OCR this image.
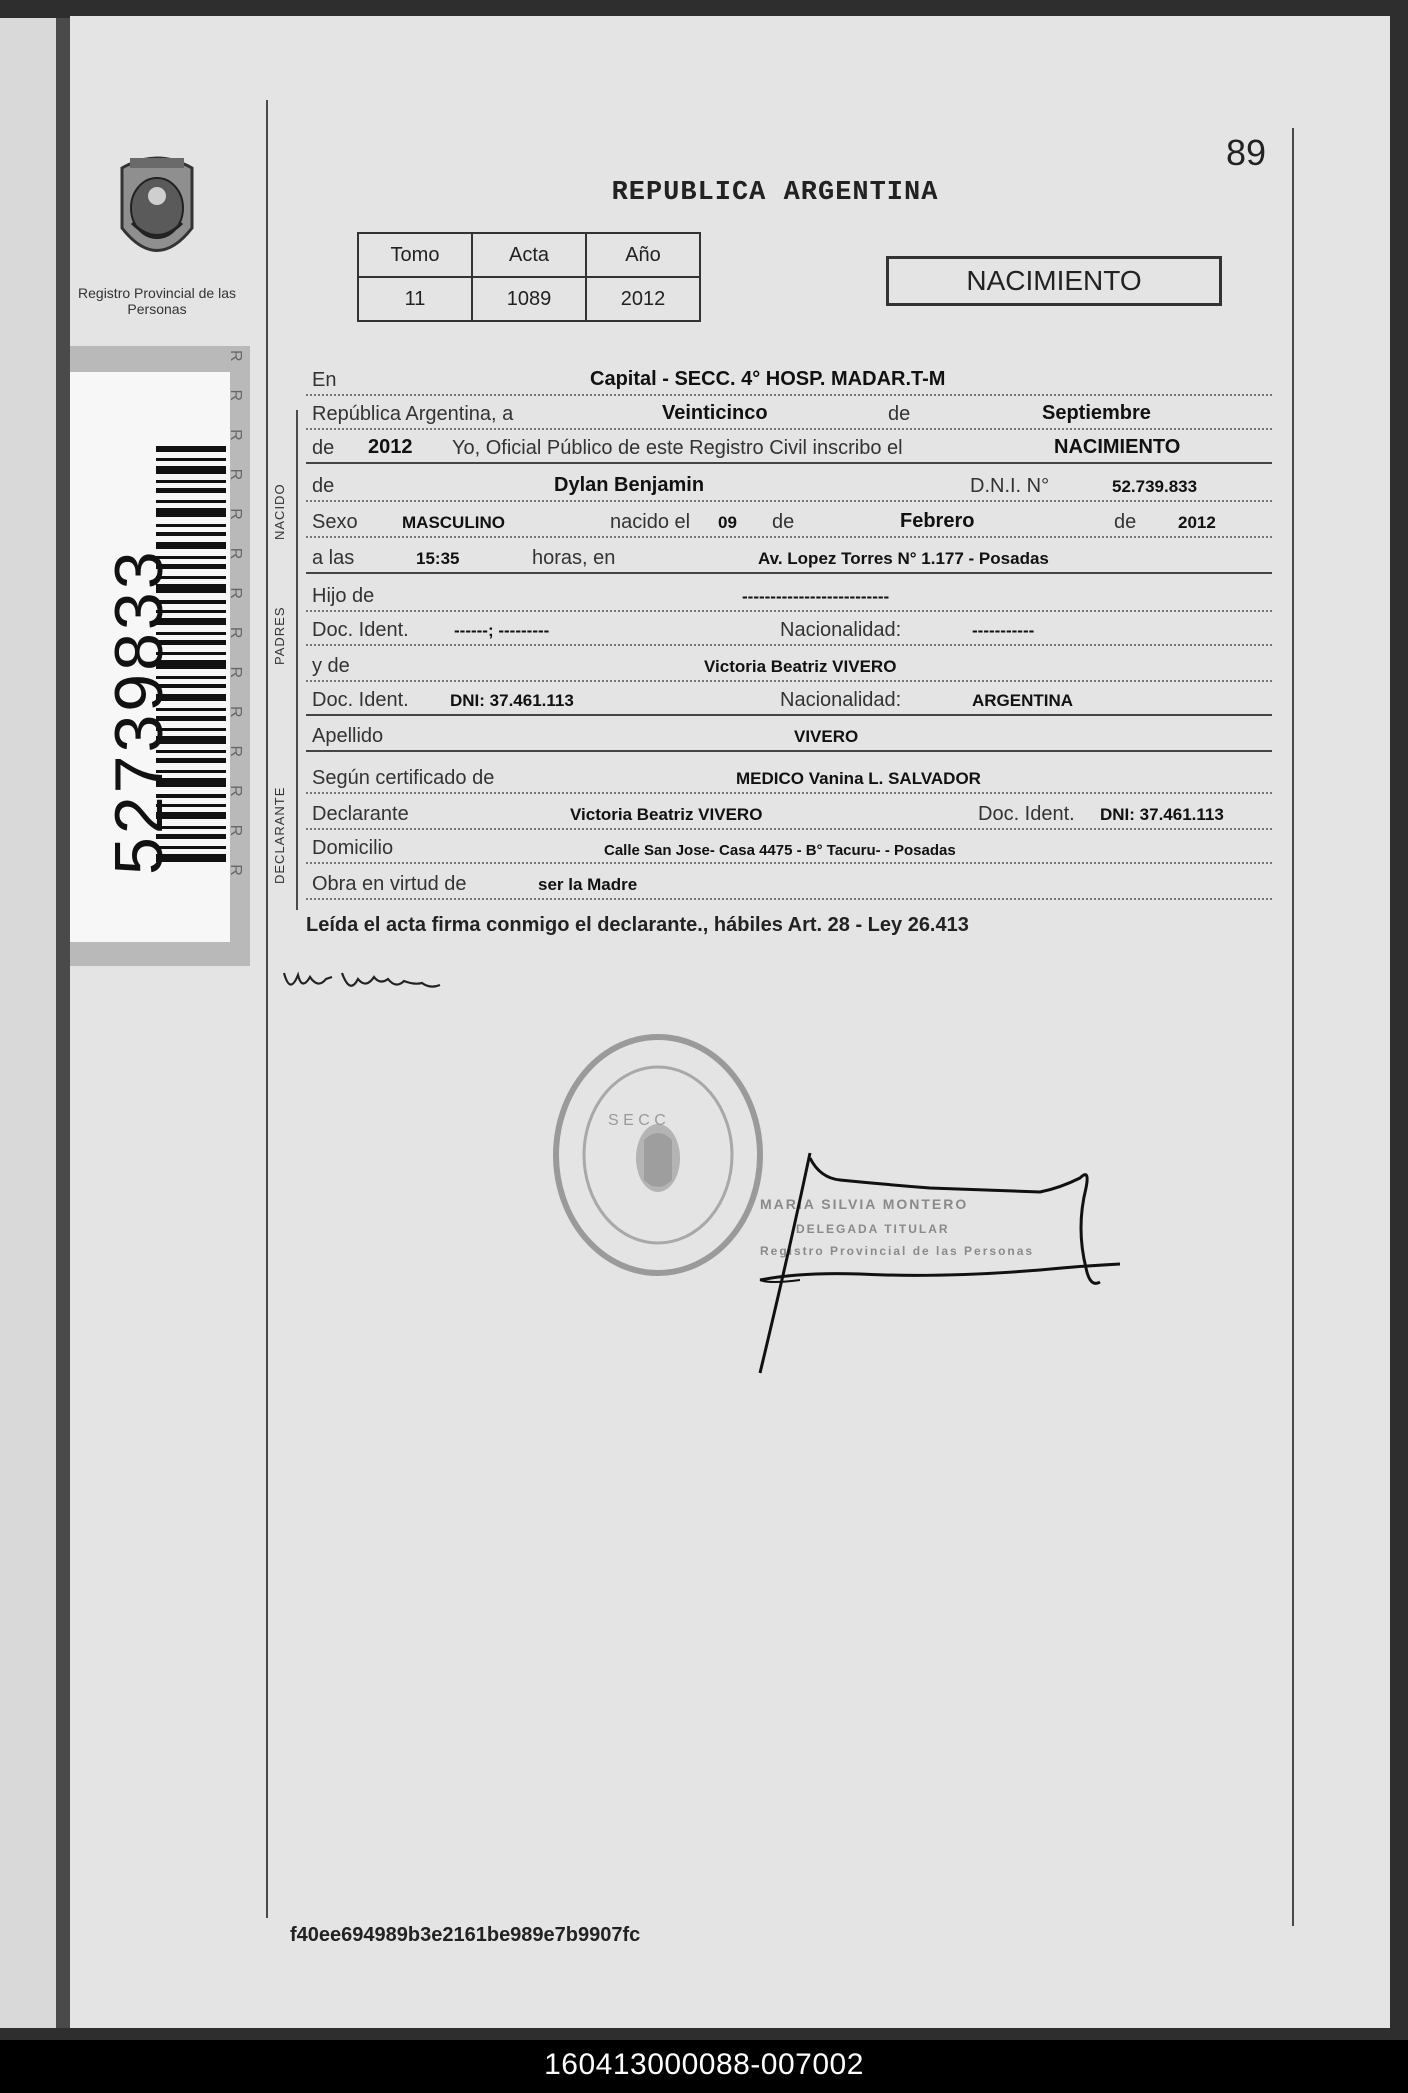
89
Registro Provincial de las Personas
52739833	RRRRRRRRRRRRRR
REPUBLICA ARGENTINA
Tomo	Acta	Año
11	1089	2012
NACIMIENTO
NACIDO
PADRES
DECLARANTE
En	Capital - SECC. 4° HOSP. MADAR.T-M
República Argentina, a	Veinticinco	de	Septiembre
de 2012 Yo, Oficial Público de este Registro Civil inscribo el	NACIMIENTO
de	Dylan Benjamin	D.N.I. N°	52.739.833
Sexo	MASCULINO	nacido el 09 de	Febrero	de 2012
a las	15:35	horas, en	Av. Lopez Torres N° 1.177 - Posadas
Hijo de	--------------------------
Doc. Ident.	------; ---------	Nacionalidad:	-----------
y de	Victoria Beatriz VIVERO
Doc. Ident. DNI: 37.461.113	Nacionalidad:	ARGENTINA
Apellido	VIVERO
Según certificado de	MEDICO Vanina L. SALVADOR
Declarante	Victoria Beatriz VIVERO	Doc. Ident. DNI: 37.461.113
Domicilio	Calle San Jose- Casa 4475 - B° Tacuru- - Posadas
Obra en virtud de	ser la Madre
Leída el acta firma conmigo el declarante., hábiles Art. 28 - Ley 26.413
S E C C
MARIA SILVIA MONTERO
DELEGADA TITULAR
Registro Provincial de las Personas
f40ee694989b3e2161be989e7b9907fc
160413000088-007002
